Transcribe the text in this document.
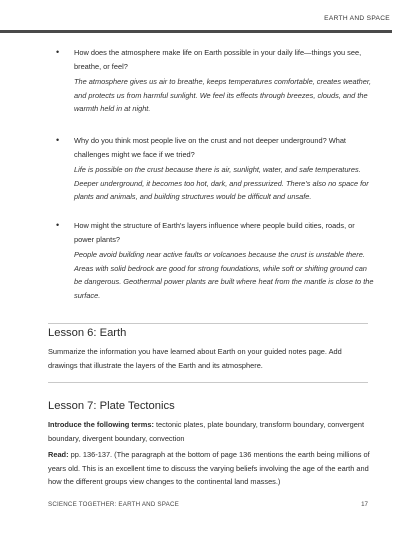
EARTH AND SPACE
•	How does the atmosphere make life on Earth possible in your daily life—things you see, breathe, or feel?

The atmosphere gives us air to breathe, keeps temperatures comfortable, creates weather, and protects us from harmful sunlight. We feel its effects through breezes, clouds, and the warmth held in at night.

•	Why do you think most people live on the crust and not deeper underground? What challenges might we face if we tried?

Life is possible on the crust because there is air, sunlight, water, and safe temperatures. Deeper underground, it becomes too hot, dark, and pressurized. There's also no space for plants and animals, and building structures would be difficult and unsafe.

•	How might the structure of Earth's layers influence where people build cities, roads, or power plants?

People avoid building near active faults or volcanoes because the crust is unstable there. Areas with solid bedrock are good for strong foundations, while soft or shifting ground can be dangerous. Geothermal power plants are built where heat from the mantle is close to the surface.

Lesson 6: Earth

Summarize the information you have learned about Earth on your guided notes page. Add drawings that illustrate the layers of the Earth and its atmosphere.

Lesson 7: Plate Tectonics

Introduce the following terms: tectonic plates, plate boundary, transform boundary, convergent boundary, divergent boundary, convection

Read: pp. 136-137. (The paragraph at the bottom of page 136 mentions the earth being millions of years old. This is an excellent time to discuss the varying beliefs involving the age of the earth and how the different groups view changes to the continental land masses.)

SCIENCE TOGETHER: EARTH AND SPACE	17
